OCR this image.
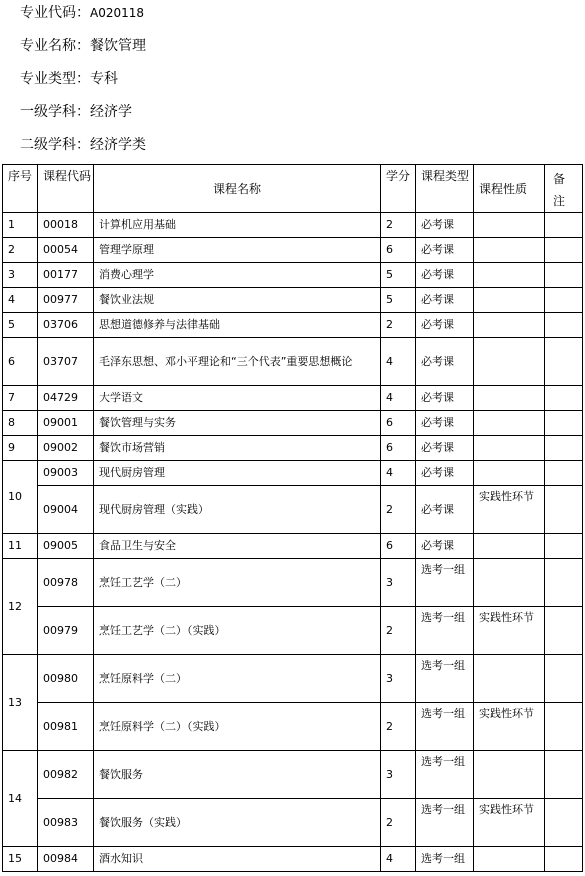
专业代码：A020118
专业名称：餐饮管理
专业类型：专科
一级学科：经济学
二级学科：经济学类
序号	课程代码	课程名称	学分	课程类型	课程性质	备注
1	00018	计算机应用基础	2	必考课		
2	00054	管理学原理	6	必考课		
3	00177	消费心理学	5	必考课		
4	00977	餐饮业法规	5	必考课		
5	03706	思想道德修养与法律基础	2	必考课		
6	03707	毛泽东思想、邓小平理论和“三个代表”重要思想概论	4	必考课		
7	04729	大学语文	4	必考课		
8	09001	餐饮管理与实务	6	必考课		
9	09002	餐饮市场营销	6	必考课		
10	09003	现代厨房管理	4	必考课		
	09004	现代厨房管理（实践）	2	必考课	实践性环节	
11	09005	食品卫生与安全	6	必考课		
12	00978	烹饪工艺学（二）	3	选考一组		
	00979	烹饪工艺学（二）（实践）	2	选考一组	实践性环节	
13	00980	烹饪原料学（二）	3	选考一组		
	00981	烹饪原料学（二）（实践）	2	选考一组	实践性环节	
14	00982	餐饮服务	3	选考一组		
	00983	餐饮服务（实践）	2	选考一组	实践性环节	
15	00984	酒水知识	4	选考一组		
